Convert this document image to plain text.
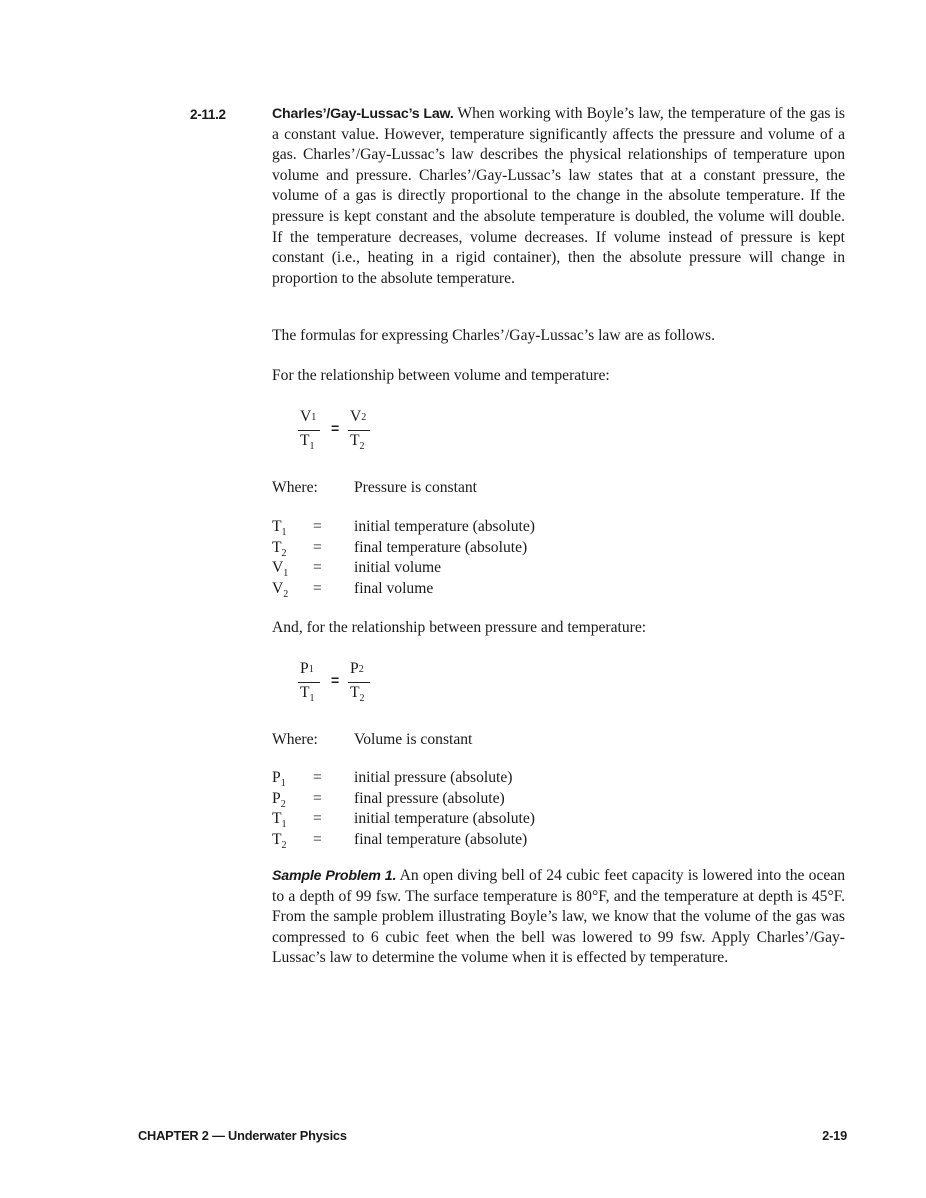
2-11.2	Charles’/Gay-Lussac’s Law. When working with Boyle’s law, the temperature of the gas is a constant value. However, temperature significantly affects the pressure and volume of a gas. Charles’/Gay-Lussac’s law describes the physical relationships of temperature upon volume and pressure. Charles’/Gay-Lussac’s law states that at a constant pressure, the volume of a gas is directly proportional to the change in the absolute temperature. If the pressure is kept constant and the absolute temperature is doubled, the volume will double. If the temperature decreases, volume decreases. If volume instead of pressure is kept constant (i.e., heating in a rigid container), then the absolute pressure will change in proportion to the absolute temperature.

The formulas for expressing Charles’/Gay-Lussac’s law are as follows.

For the relationship between volume and temperature:

$V_1$
$T_1$
=
$V_2$
$T_2$
Where: Pressure is constant
$T_1$ = initial temperature (absolute)
$T_2$ = final temperature (absolute)
$V_1$ = initial volume
$V_2$ = final volume

And, for the relationship between pressure and temperature:

$P_1$
$T_1$
=
$P_2$
$T_2$
Where: Volume is constant
$P_1$ = initial pressure (absolute)
$P_2$ = final pressure (absolute)
$T_1$ = initial temperature (absolute)
$T_2$ = final temperature (absolute)

Sample Problem 1. An open diving bell of 24 cubic feet capacity is lowered into the ocean to a depth of 99 fsw. The surface temperature is 80°F, and the temperature at depth is 45°F. From the sample problem illustrating Boyle’s law, we know that the volume of the gas was compressed to 6 cubic feet when the bell was lowered to 99 fsw. Apply Charles’/Gay-Lussac’s law to determine the volume when it is effected by temperature.

CHAPTER 2 — Underwater Physics	2-19
